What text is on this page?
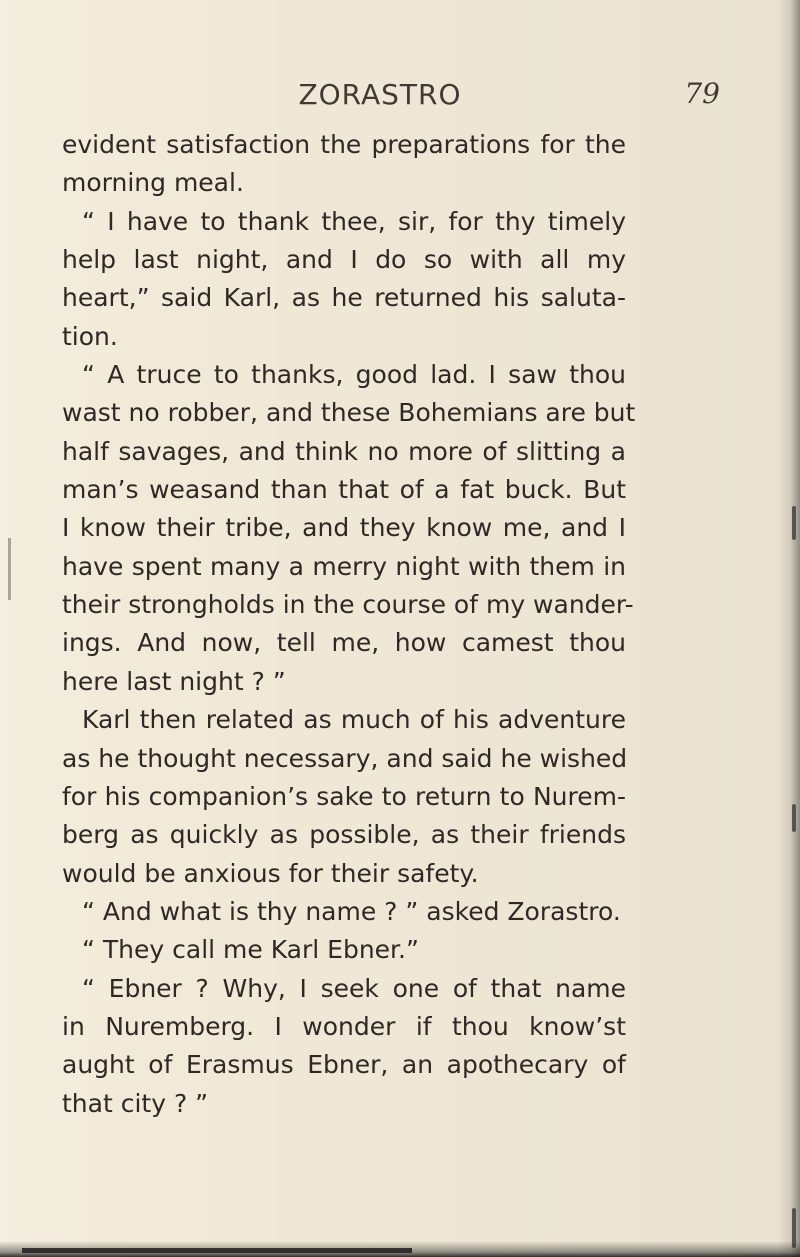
ZORASTRO	79
evident satisfaction the preparations for the
morning meal.
“ I have to thank thee, sir, for thy timely
help last night, and I do so with all my
heart,” said Karl, as he returned his saluta-
tion.
“ A truce to thanks, good lad. I saw thou
wast no robber, and these Bohemians are but
half savages, and think no more of slitting a
man’s weasand than that of a fat buck. But
I know their tribe, and they know me, and I
have spent many a merry night with them in
their strongholds in the course of my wander-
ings. And now, tell me, how camest thou
here last night ? ”
Karl then related as much of his adventure
as he thought necessary, and said he wished
for his companion’s sake to return to Nurem-
berg as quickly as possible, as their friends
would be anxious for their safety.
“ And what is thy name ? ” asked Zorastro.
“ They call me Karl Ebner.”
“ Ebner ? Why, I seek one of that name
in Nuremberg. I wonder if thou know’st
aught of Erasmus Ebner, an apothecary of
that city ? ”
